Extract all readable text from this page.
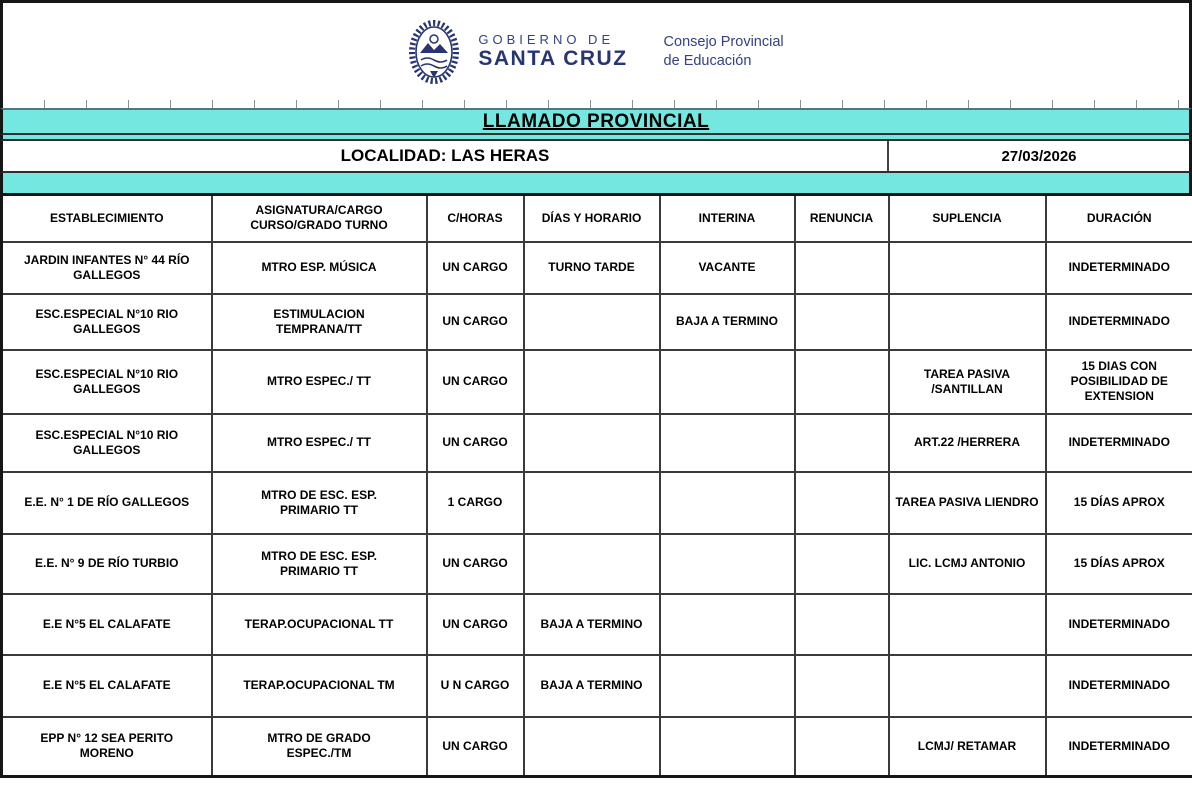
GOBIERNO DE
SANTA CRUZ
Consejo Provincial
de Educación
LLAMADO PROVINCIAL
LOCALIDAD: LAS HERAS	27/03/2026
ESTABLECIMIENTO	ASIGNATURA/CARGO CURSO/GRADO TURNO	C/HORAS	DÍAS Y HORARIO	INTERINA	RENUNCIA	SUPLENCIA	DURACIÓN
JARDIN INFANTES N° 44 RÍO GALLEGOS	MTRO ESP. MÚSICA	UN CARGO	TURNO TARDE	VACANTE			INDETERMINADO
ESC.ESPECIAL N°10 RIO GALLEGOS	ESTIMULACION TEMPRANA/TT	UN CARGO		BAJA A TERMINO			INDETERMINADO
ESC.ESPECIAL N°10 RIO GALLEGOS	MTRO ESPEC./ TT	UN CARGO				TAREA PASIVA /SANTILLAN	15 DIAS CON POSIBILIDAD DE EXTENSION
ESC.ESPECIAL N°10 RIO GALLEGOS	MTRO ESPEC./ TT	UN CARGO				ART.22 /HERRERA	INDETERMINADO
E.E. N° 1 DE RÍO GALLEGOS	MTRO DE ESC. ESP. PRIMARIO TT	1 CARGO				TAREA PASIVA LIENDRO	15 DÍAS APROX
E.E. N° 9 DE RÍO TURBIO	MTRO DE ESC. ESP. PRIMARIO TT	UN CARGO				LIC. LCMJ ANTONIO	15 DÍAS APROX
E.E N°5 EL CALAFATE	TERAP.OCUPACIONAL TT	UN CARGO	BAJA A TERMINO				INDETERMINADO
E.E N°5 EL CALAFATE	TERAP.OCUPACIONAL TM	U N CARGO	BAJA A TERMINO				INDETERMINADO
EPP N° 12 SEA PERITO MORENO	MTRO DE GRADO ESPEC./TM	UN CARGO				LCMJ/ RETAMAR	INDETERMINADO
